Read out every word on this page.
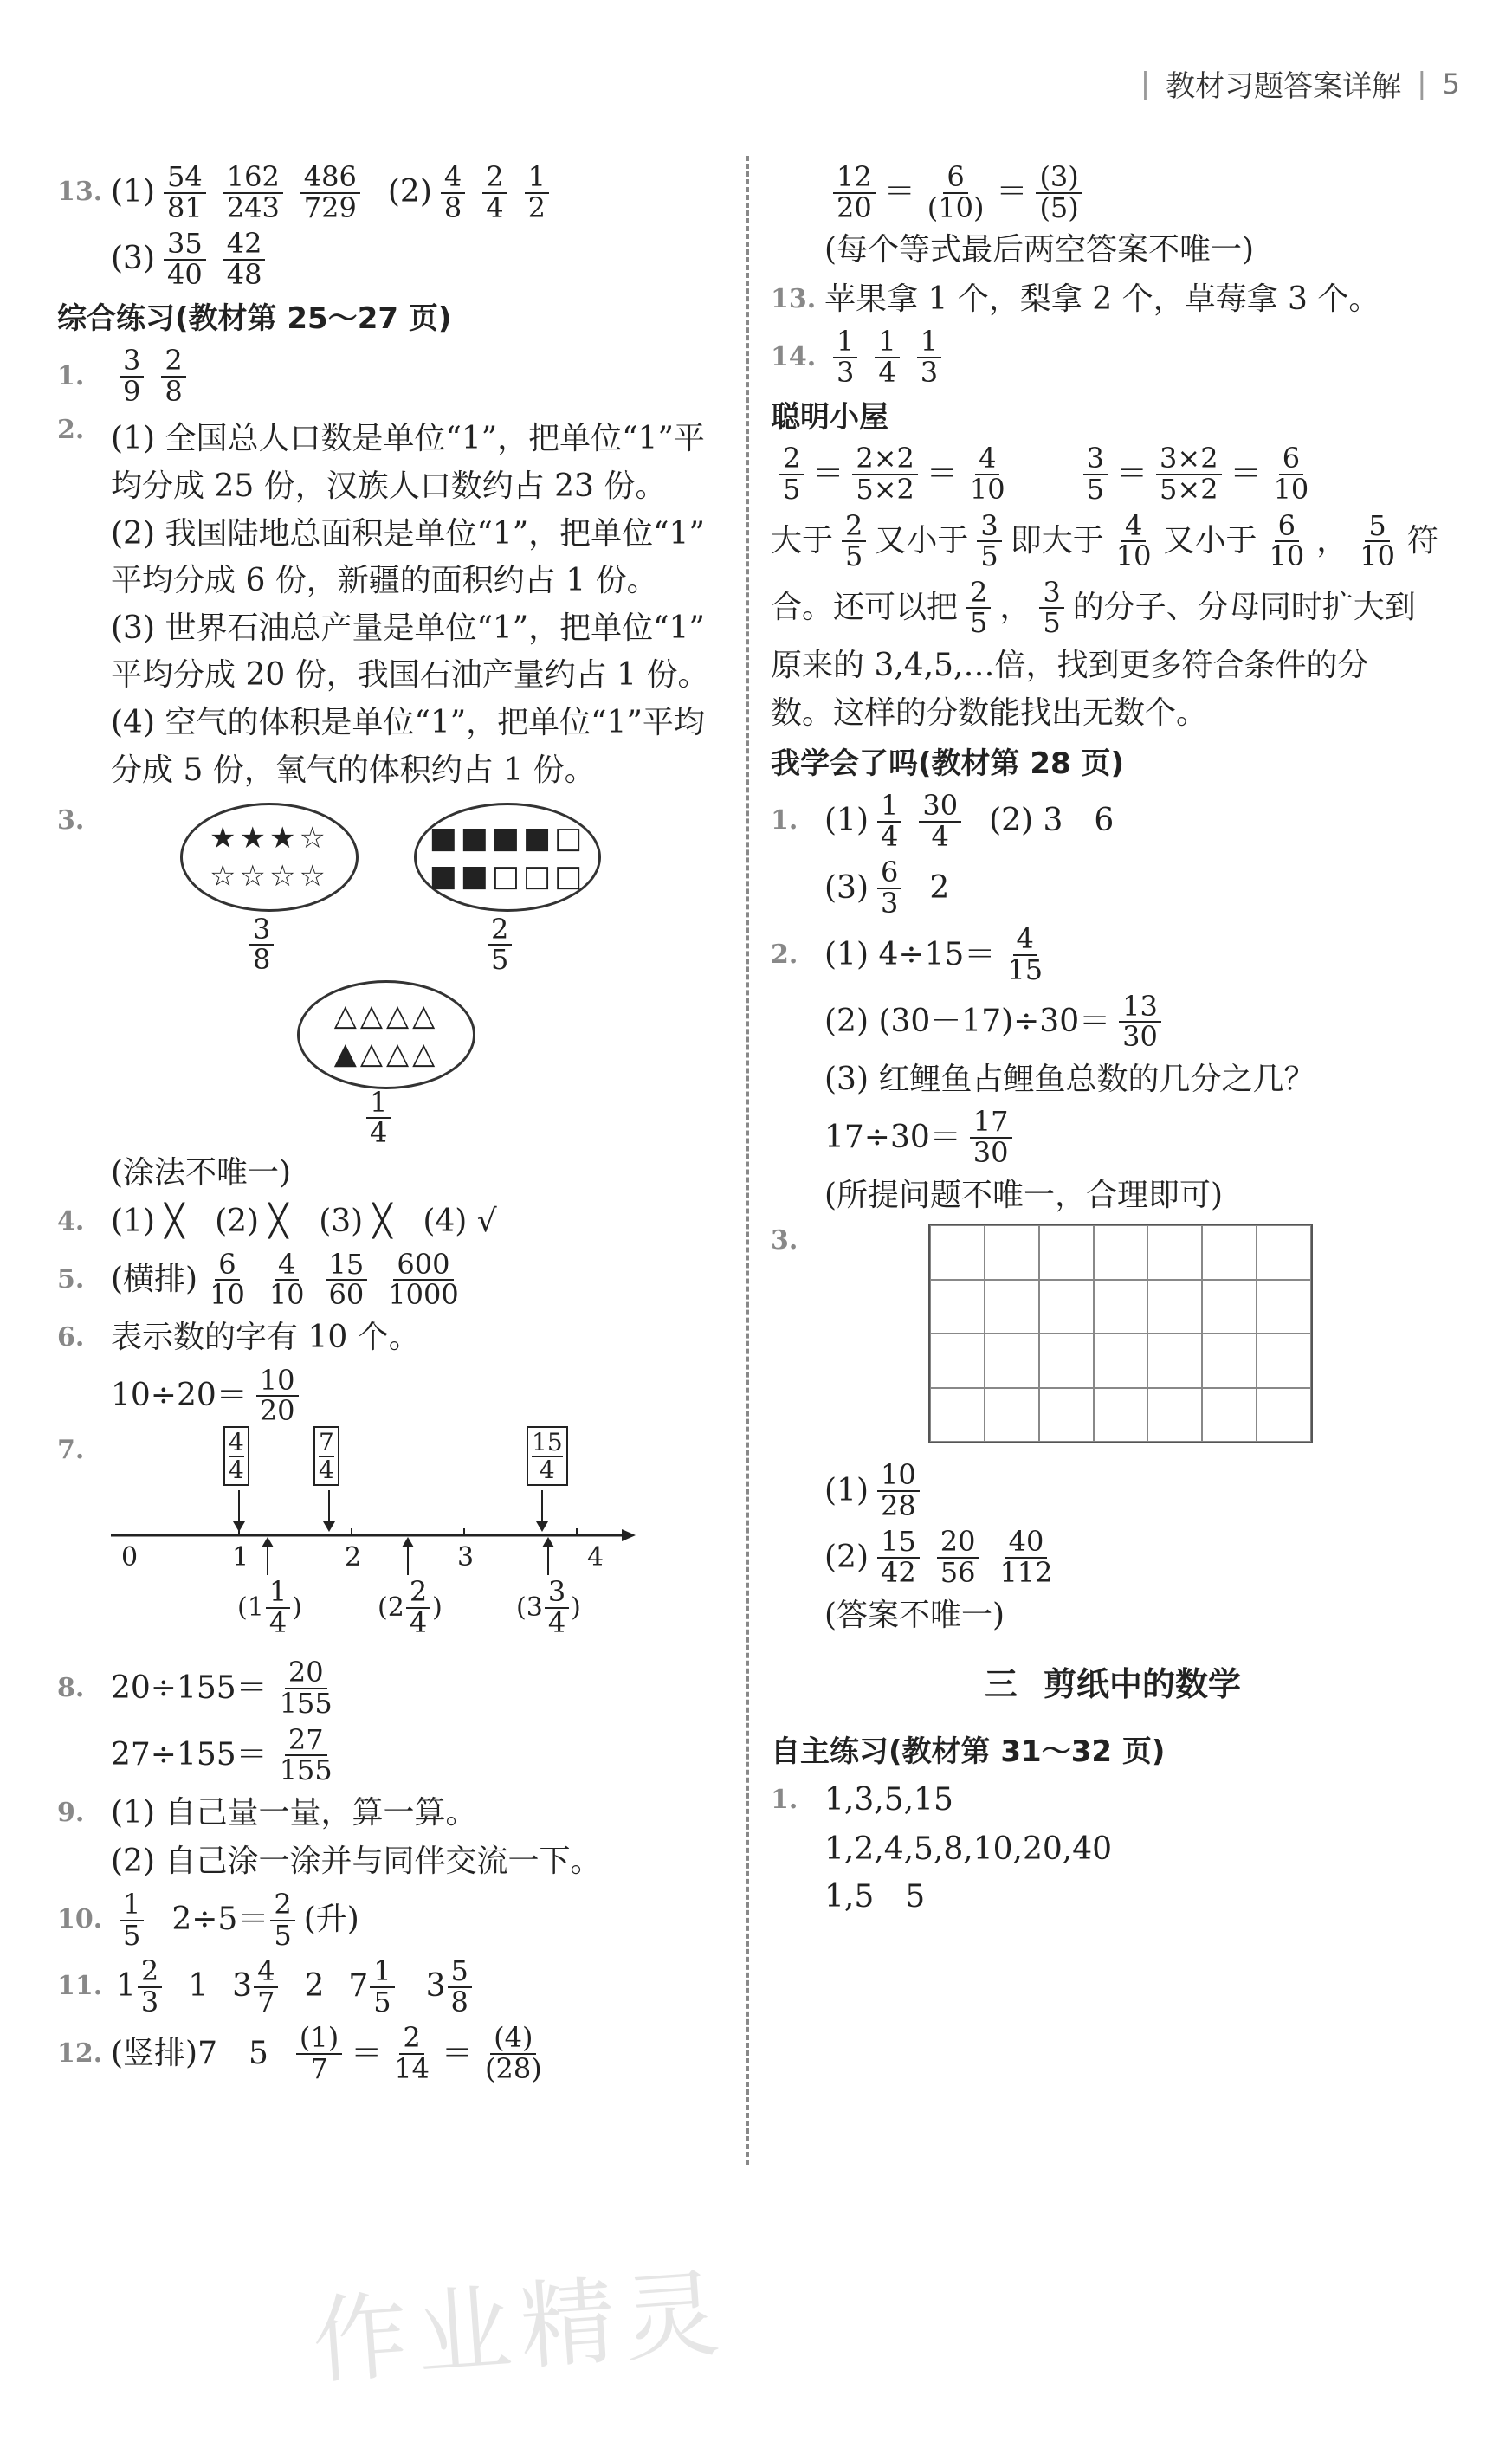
| 教材习题答案详解 | 5
13. $(1) \frac{54}{81} \frac{162}{243} \frac{486}{729} (2) \frac{4}{8} \frac{2}{4} \frac{1}{2}$
$(3) \frac{35}{40} \frac{42}{48}$
综合练习(教材第 25～27 页)
1.	$\frac{3}{9} \frac{2}{8}$
2. (1) 全国总人口数是单位“1”，把单位“1”平
均分成 25 份，汉族人口数约占 23 份。
(2) 我国陆地总面积是单位“1”，把单位“1”
平均分成 6 份，新疆的面积约占 1 份。
(3) 世界石油总产量是单位“1”，把单位“1”
平均分成 20 份，我国石油产量约占 1 份。
(4) 空气的体积是单位“1”，把单位“1”平均
分成 5 份，氧气的体积约占 1 份。
3.	★★★☆
☆☆☆☆
$\frac{3}{8}$
■■■■□
■■□□□
$\frac{2}{5}$
△△△△
▲△△△
$\frac{1}{4}$
(涂法不唯一)
4. (1) ╳　(2) ╳　(3) ╳　(4) √
5. (横排) $\frac{6}{10} \frac{4}{10} \frac{15}{60} \frac{600}{1000}$
6. 表示数的字有 10 个。
$10\div 20= \frac{10}{20}$
7.	4
4
7
4
15
4
0	1	2	3	4
( $1 \frac{1}{4}$ )	( $2 \frac{2}{4}$ )	( $3 \frac{3}{4}$ )
8. $20\div 155= \frac{20}{155}$
$27\div 155= \frac{27}{155}$
9. (1) 自己量一量，算一算。
(2) 自己涂一涂并与同伴交流一下。
10. $\frac{1}{5} 2\div 5= \frac{2}{5}$ (升)
11. $1 \frac{2}{3} 1$ $3 \frac{4}{7} 2$ $7 \frac{1}{5} 3 \frac{5}{8}$
12. (竖排)7　$5 \frac{(1)}{7} = \frac{2}{14} = \frac{(4)}{(28)}$
$\frac{12}{20} = \frac{6}{(10)} = \frac{(3)}{(5)}$
(每个等式最后两空答案不唯一)
13. 苹果拿 1 个，梨拿 2 个，草莓拿 3 个。
14. $\frac{1}{3} \frac{1}{4} \frac{1}{3}$
聪明小屋
$\frac{2}{5} = \frac{2\times 2}{5\times 2} = \frac{4}{10}$	$\frac{3}{5} = \frac{3\times 2}{5\times 2} = \frac{6}{10}$
大于 $\frac{2}{5}$ 又小于 $\frac{3}{5}$ 即大于 $\frac{4}{10}$ 又小于 $\frac{6}{10}$ ， $\frac{5}{10}$ 符
合。还可以把 $\frac{2}{5}$ ， $\frac{3}{5}$ 的分子、分母同时扩大到
原来的 3,4,5,…倍，找到更多符合条件的分
数。这样的分数能找出无数个。
我学会了吗(教材第 28 页)
1. $(1) \frac{1}{4} \frac{30}{4} (2)$ 3　6
$(3) \frac{6}{3} 2$
2. (1) $4\div 15= \frac{4}{15}$
(2) $(30-17)\div 30= \frac{13}{30}$
(3) 红鲤鱼占鲤鱼总数的几分之几？
$17\div 30= \frac{17}{30}$
(所提问题不唯一，合理即可)
3.
$(1) \frac{10}{28}$
$(2) \frac{15}{42} \frac{20}{56} \frac{40}{112}$
(答案不唯一)
三 剪纸中的数学
自主练习(教材第 31～32 页)
1. 1,3,5,15
1,2,4,5,8,10,20,40
1,5　5
作业精灵
